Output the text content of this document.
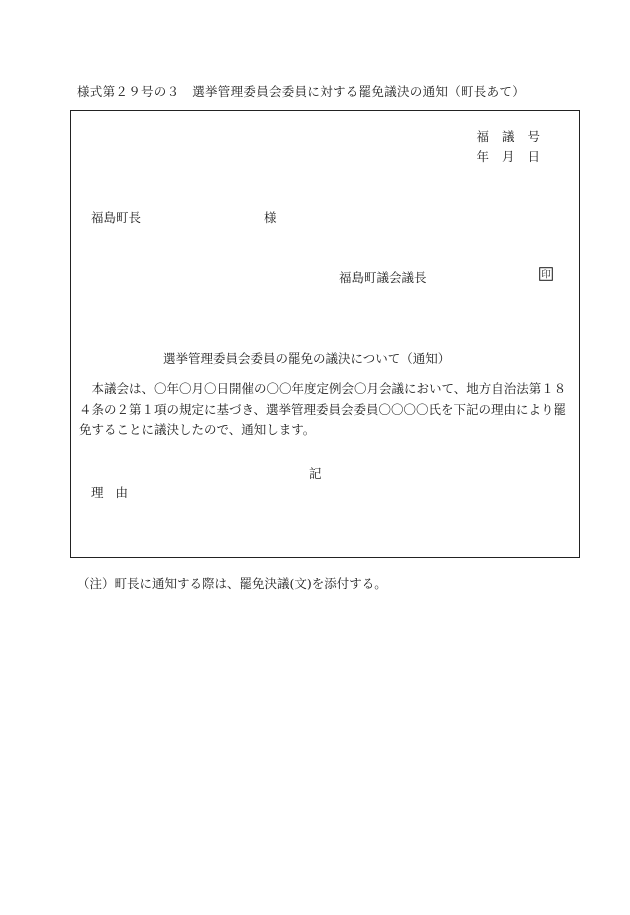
様式第２９号の３　選挙管理委員会委員に対する罷免議決の通知（町長あて）
福議号
年月日
福島町長	様
福島町議会議長	印
選挙管理委員会委員の罷免の議決について（通知）
本議会は、〇年〇月〇日開催の〇〇年度定例会〇月会議において、地方自治法第１８４条の２第１項の規定に基づき、選挙管理委員会委員〇〇〇〇氏を下記の理由により罷免することに議決したので、通知します。
記
理由
（注）町長に通知する際は、罷免決議(文)を添付する。
